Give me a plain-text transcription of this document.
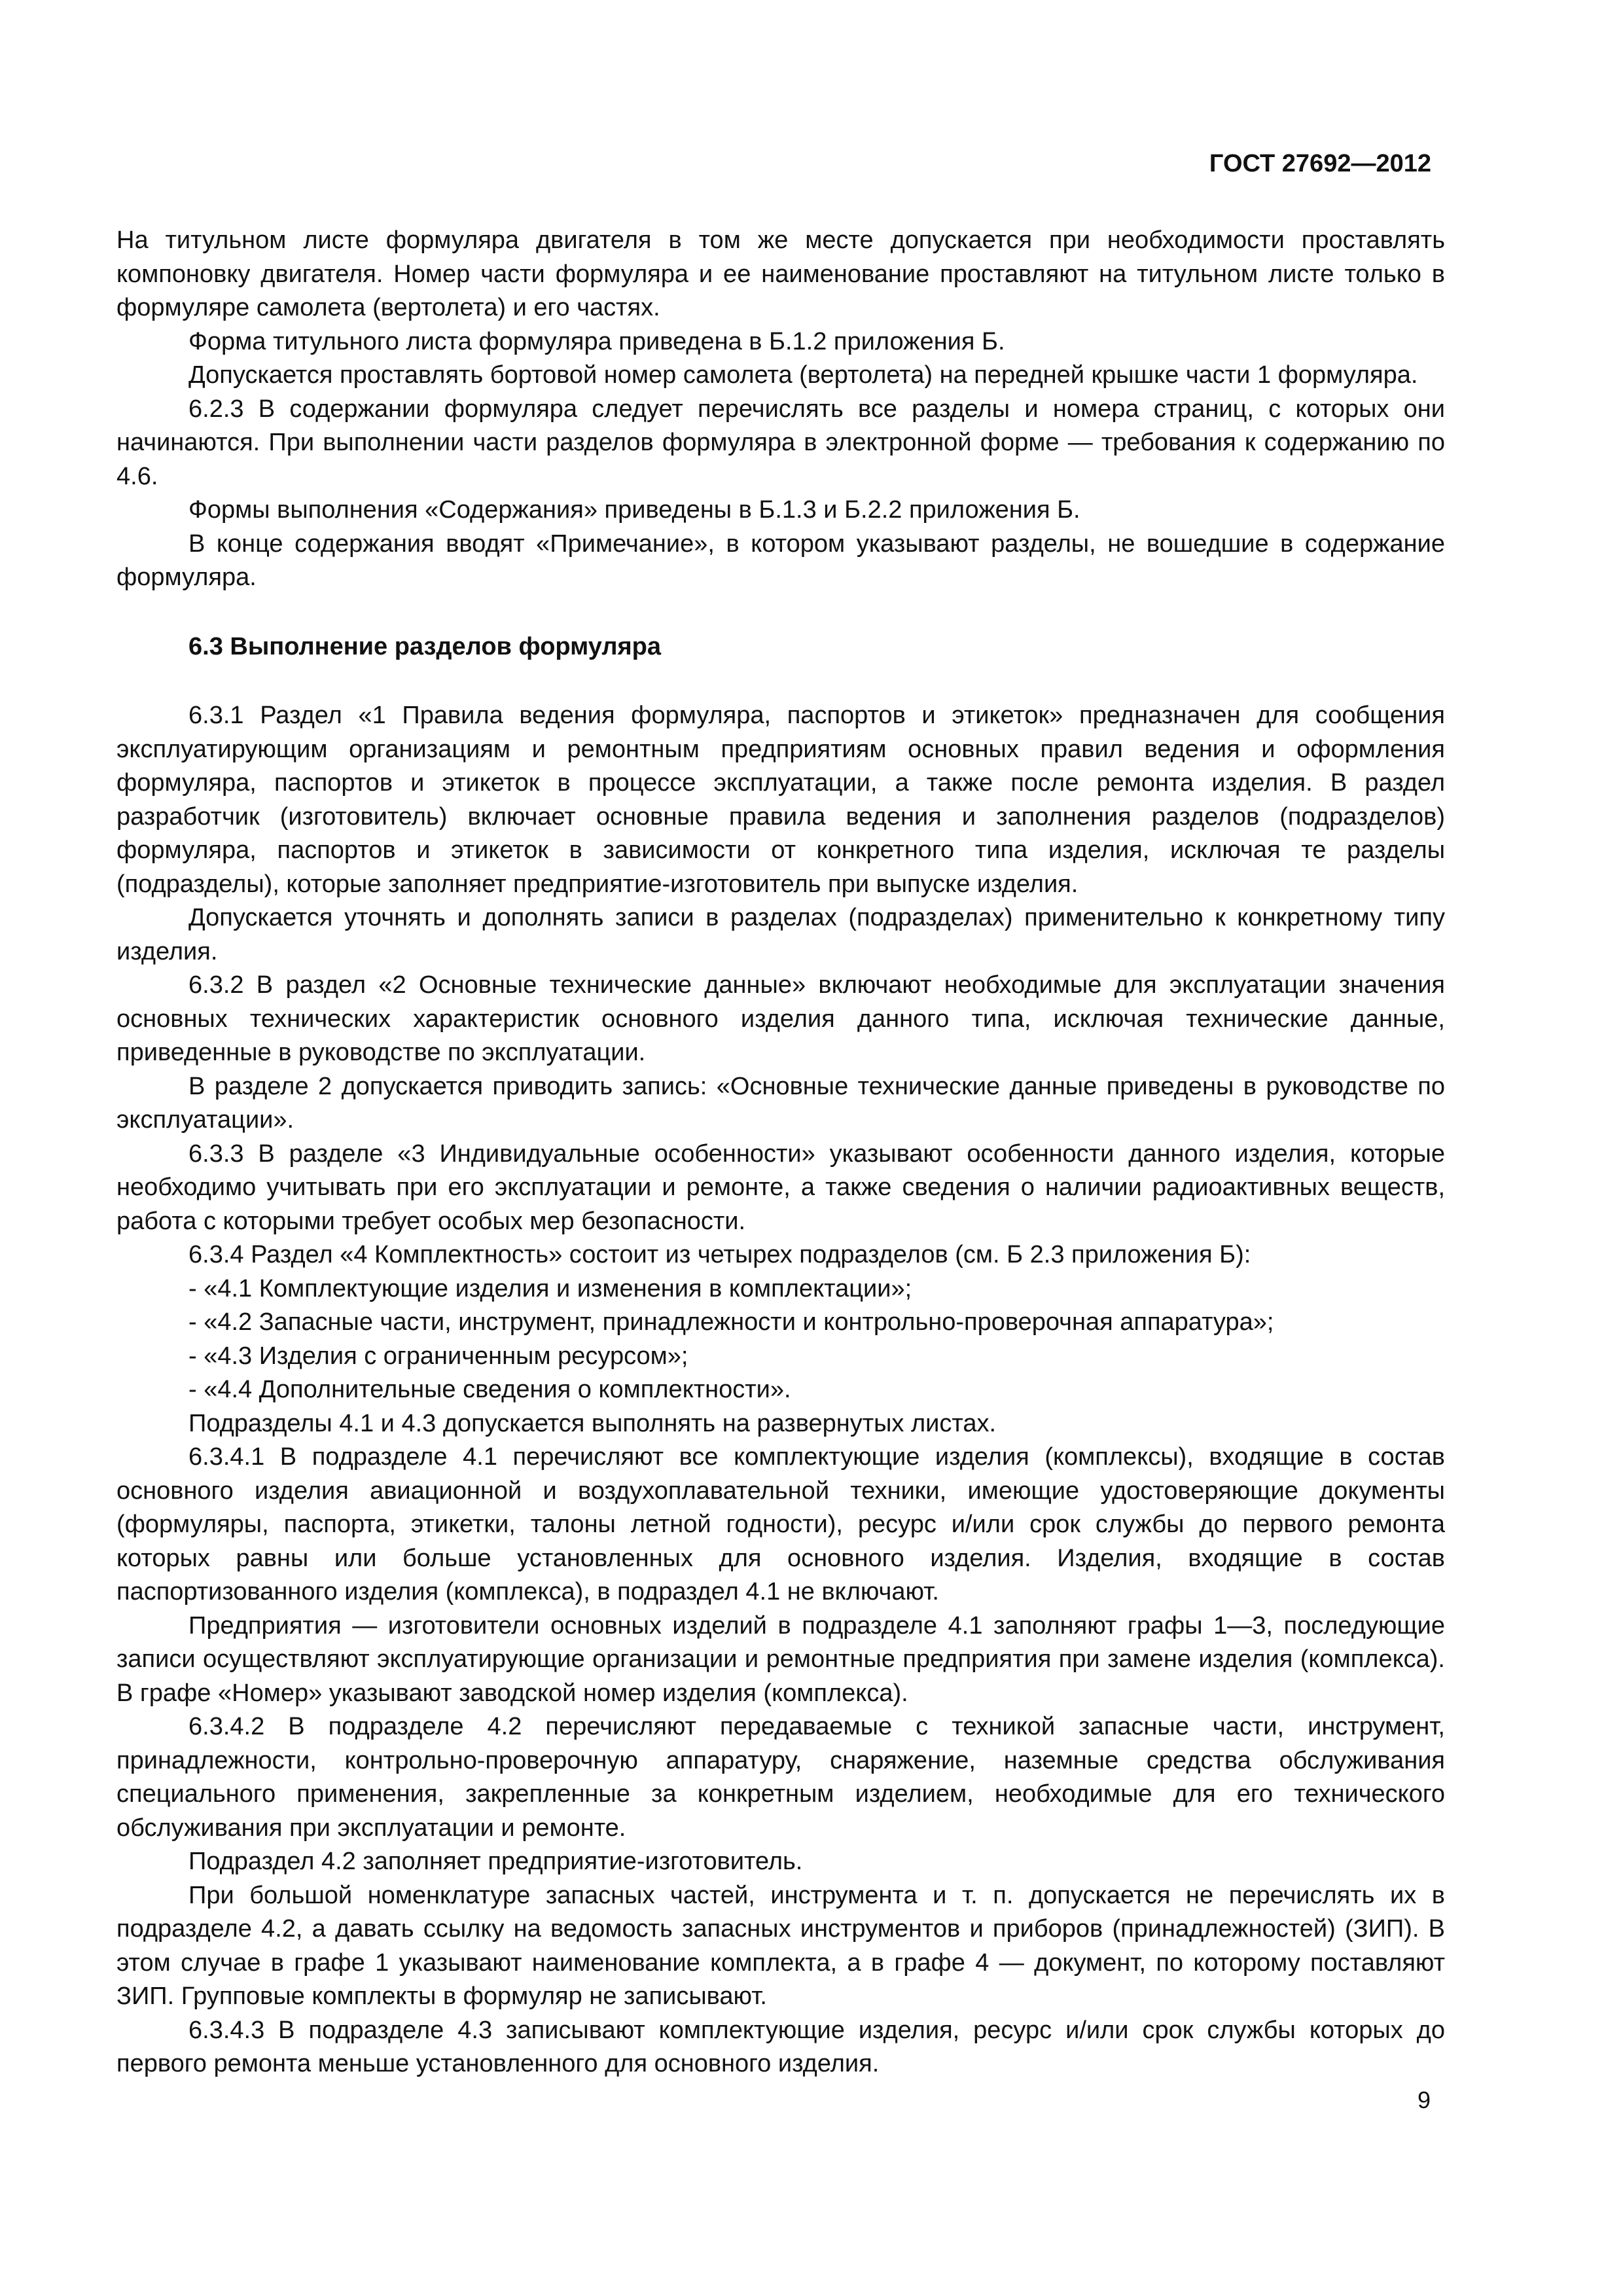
ГОСТ 27692—2012

На титульном листе формуляра двигателя в том же месте допускается при необходимости проставлять компоновку двигателя. Номер части формуляра и ее наименование проставляют на титульном листе только в формуляре самолета (вертолета) и его частях.

Форма титульного листа формуляра приведена в Б.1.2 приложения Б.

Допускается проставлять бортовой номер самолета (вертолета) на передней крышке части 1 формуляра.

6.2.3 В содержании формуляра следует перечислять все разделы и номера страниц, с которых они начинаются. При выполнении части разделов формуляра в электронной форме — требования к содержанию по 4.6.

Формы выполнения «Содержания» приведены в Б.1.3 и Б.2.2 приложения Б.

В конце содержания вводят «Примечание», в котором указывают разделы, не вошедшие в содержание формуляра.

6.3 Выполнение разделов формуляра

6.3.1 Раздел «1 Правила ведения формуляра, паспортов и этикеток» предназначен для сообщения эксплуатирующим организациям и ремонтным предприятиям основных правил ведения и оформления формуляра, паспортов и этикеток в процессе эксплуатации, а также после ремонта изделия. В раздел разработчик (изготовитель) включает основные правила ведения и заполнения разделов (подразделов) формуляра, паспортов и этикеток в зависимости от конкретного типа изделия, исключая те разделы (подразделы), которые заполняет предприятие-изготовитель при выпуске изделия.

Допускается уточнять и дополнять записи в разделах (подразделах) применительно к конкретному типу изделия.

6.3.2 В раздел «2 Основные технические данные» включают необходимые для эксплуатации значения основных технических характеристик основного изделия данного типа, исключая технические данные, приведенные в руководстве по эксплуатации.

В разделе 2 допускается приводить запись: «Основные технические данные приведены в руководстве по эксплуатации».

6.3.3 В разделе «3 Индивидуальные особенности» указывают особенности данного изделия, которые необходимо учитывать при его эксплуатации и ремонте, а также сведения о наличии радиоактивных веществ, работа с которыми требует особых мер безопасности.

6.3.4 Раздел «4 Комплектность» состоит из четырех подразделов (см. Б 2.3 приложения Б):

- «4.1 Комплектующие изделия и изменения в комплектации»;

- «4.2 Запасные части, инструмент, принадлежности и контрольно-проверочная аппаратура»;

- «4.3 Изделия с ограниченным ресурсом»;

- «4.4 Дополнительные сведения о комплектности».

Подразделы 4.1 и 4.3 допускается выполнять на развернутых листах.

6.3.4.1 В подразделе 4.1 перечисляют все комплектующие изделия (комплексы), входящие в состав основного изделия авиационной и воздухоплавательной техники, имеющие удостоверяющие документы (формуляры, паспорта, этикетки, талоны летной годности), ресурс и/или срок службы до первого ремонта которых равны или больше установленных для основного изделия. Изделия, входящие в состав паспортизованного изделия (комплекса), в подраздел 4.1 не включают.

Предприятия — изготовители основных изделий в подразделе 4.1 заполняют графы 1—3, последующие записи осуществляют эксплуатирующие организации и ремонтные предприятия при замене изделия (комплекса). В графе «Номер» указывают заводской номер изделия (комплекса).

6.3.4.2 В подразделе 4.2 перечисляют передаваемые с техникой запасные части, инструмент, принадлежности, контрольно-проверочную аппаратуру, снаряжение, наземные средства обслуживания специального применения, закрепленные за конкретным изделием, необходимые для его технического обслуживания при эксплуатации и ремонте.

Подраздел 4.2 заполняет предприятие-изготовитель.

При большой номенклатуре запасных частей, инструмента и т. п. допускается не перечислять их в подразделе 4.2, а давать ссылку на ведомость запасных инструментов и приборов (принадлежностей) (ЗИП). В этом случае в графе 1 указывают наименование комплекта, а в графе 4 — документ, по которому поставляют ЗИП. Групповые комплекты в формуляр не записывают.

6.3.4.3 В подразделе 4.3 записывают комплектующие изделия, ресурс и/или срок службы которых до первого ремонта меньше установленного для основного изделия.

9
